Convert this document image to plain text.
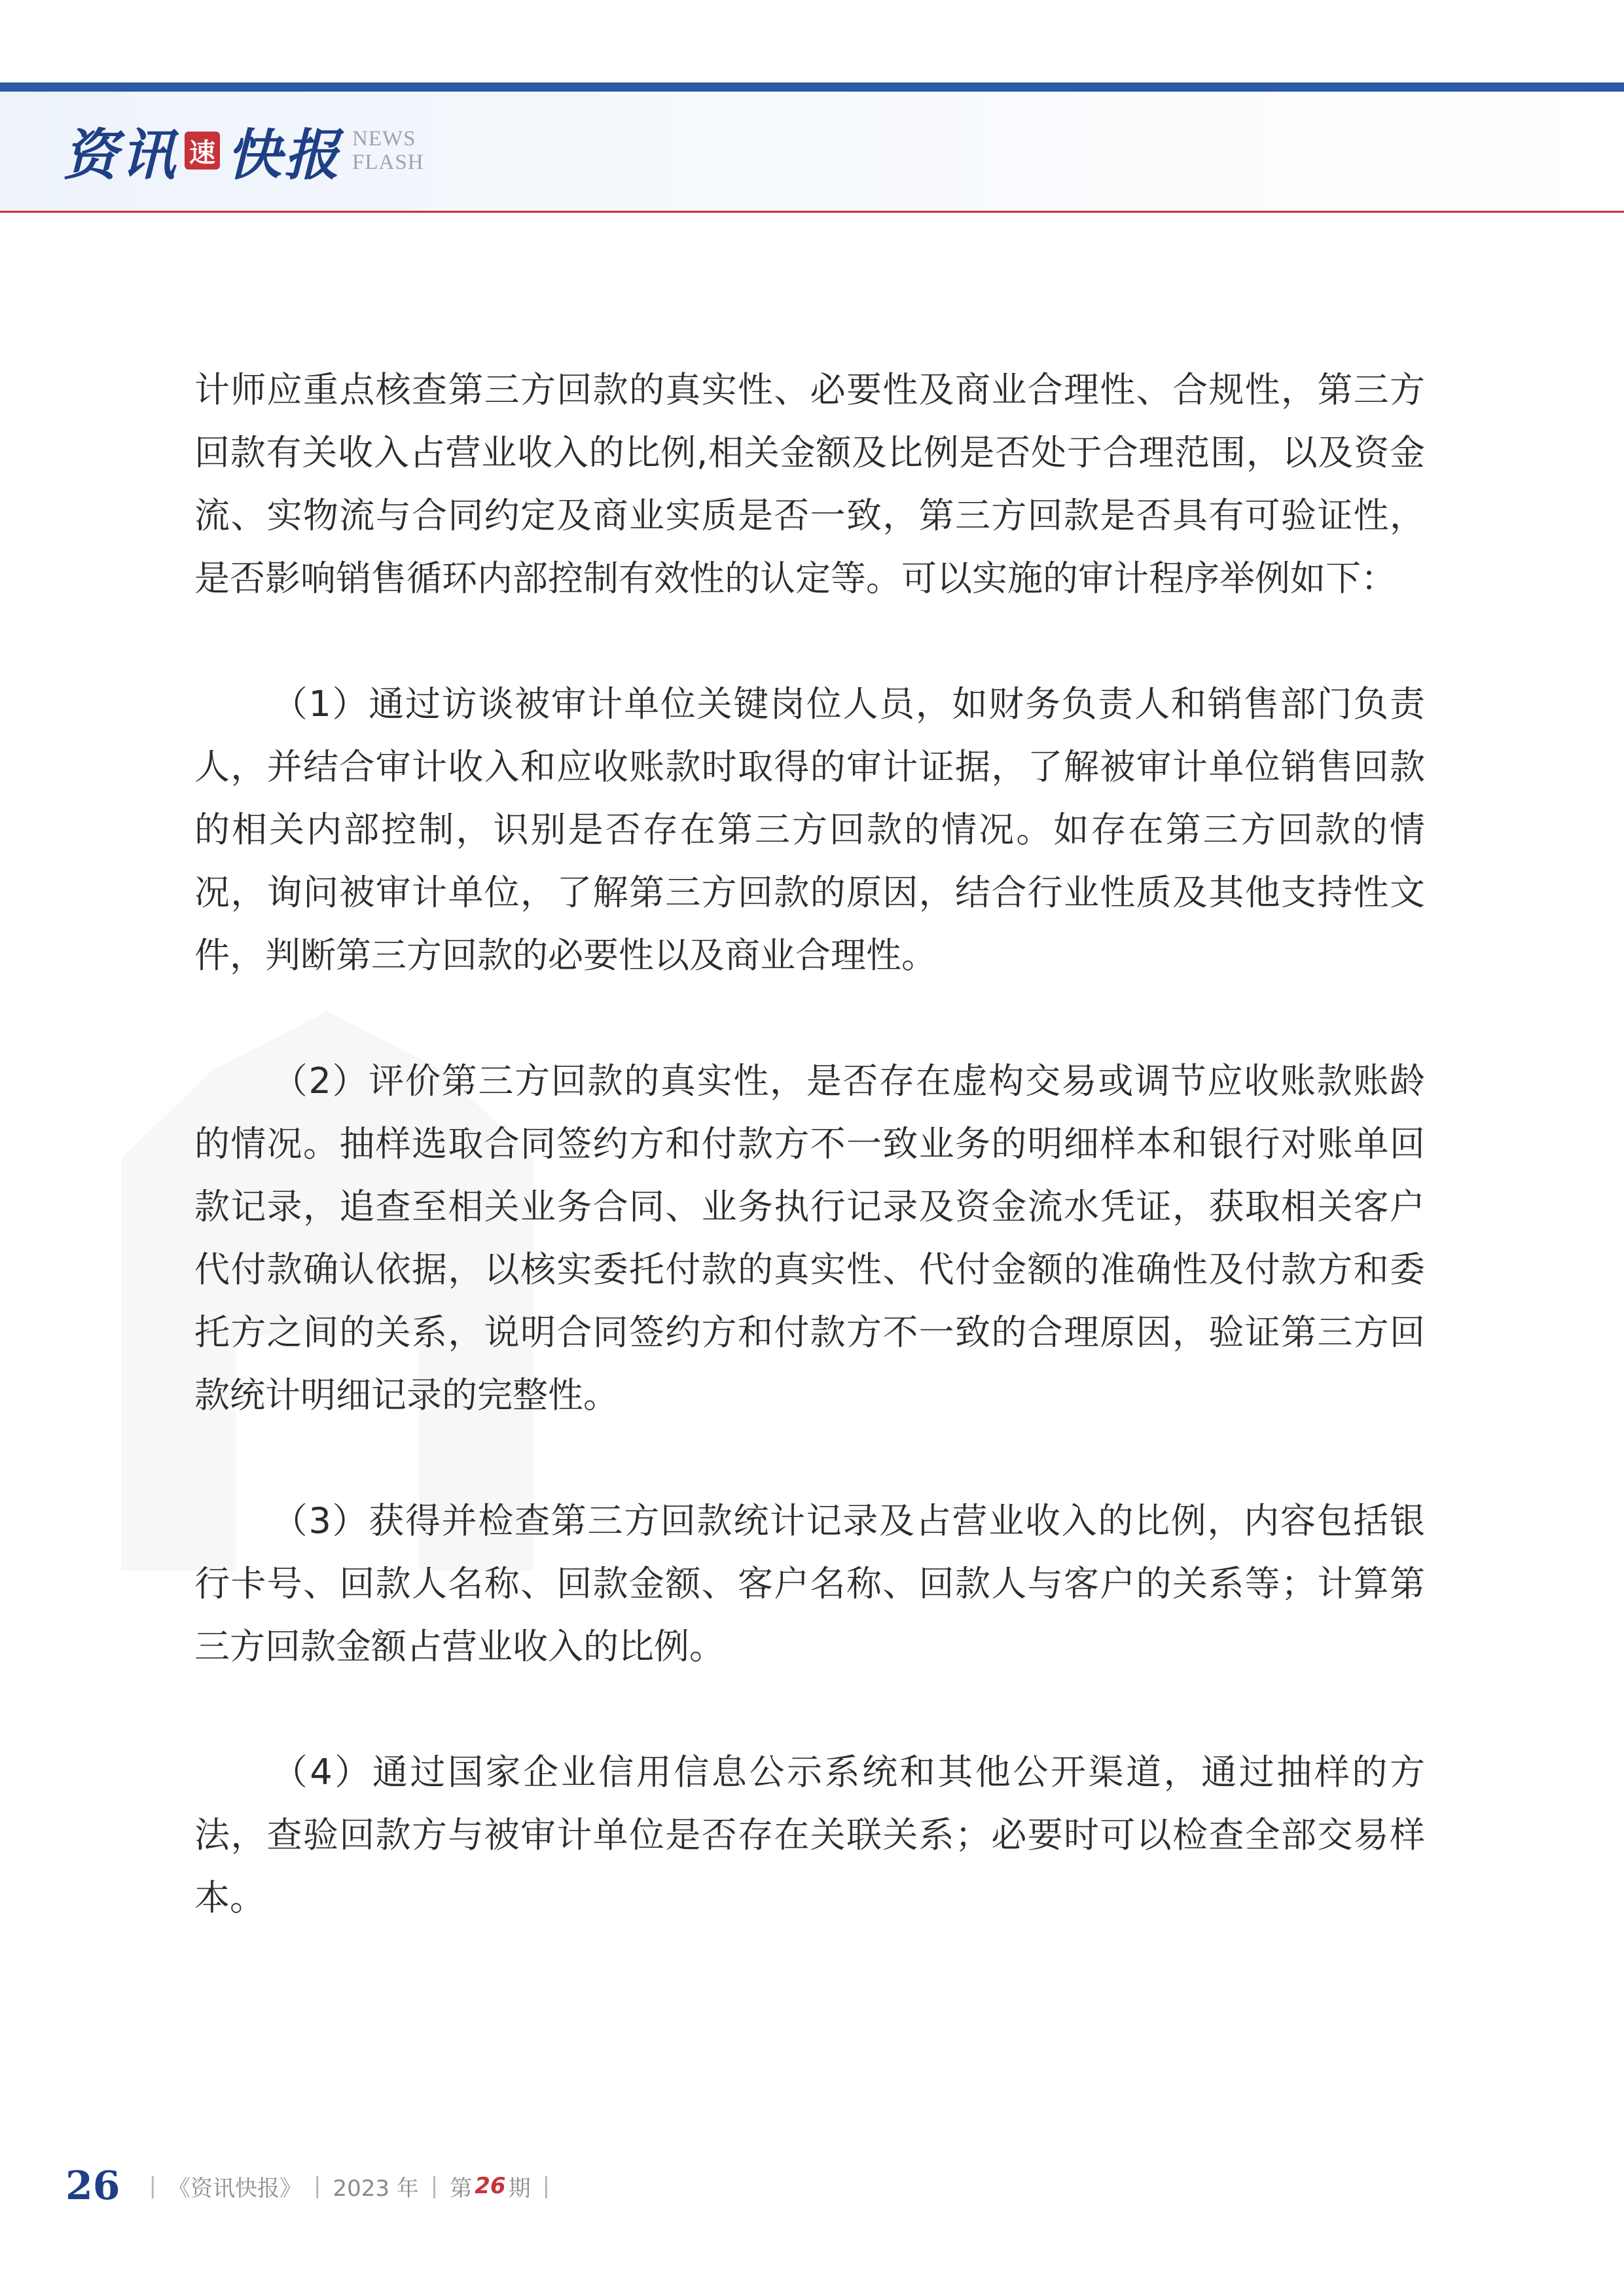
资讯 速 快报 NEWS
FLASH

计师应重点核查第三方回款的真实性、必要性及商业合理性、合规性，第三方回款有关收入占营业收入的比例,相关金额及比例是否处于合理范围，以及资金流、实物流与合同约定及商业实质是否一致，第三方回款是否具有可验证性，是否影响销售循环内部控制有效性的认定等。可以实施的审计程序举例如下：

（1）通过访谈被审计单位关键岗位人员，如财务负责人和销售部门负责人，并结合审计收入和应收账款时取得的审计证据，了解被审计单位销售回款的相关内部控制，识别是否存在第三方回款的情况。如存在第三方回款的情况，询问被审计单位，了解第三方回款的原因，结合行业性质及其他支持性文件，判断第三方回款的必要性以及商业合理性。

（2）评价第三方回款的真实性，是否存在虚构交易或调节应收账款账龄的情况。抽样选取合同签约方和付款方不一致业务的明细样本和银行对账单回款记录，追查至相关业务合同、业务执行记录及资金流水凭证，获取相关客户代付款确认依据，以核实委托付款的真实性、代付金额的准确性及付款方和委托方之间的关系，说明合同签约方和付款方不一致的合理原因，验证第三方回款统计明细记录的完整性。

（3）获得并检查第三方回款统计记录及占营业收入的比例，内容包括银行卡号、回款人名称、回款金额、客户名称、回款人与客户的关系等；计算第三方回款金额占营业收入的比例。

（4）通过国家企业信用信息公示系统和其他公开渠道，通过抽样的方法，查验回款方与被审计单位是否存在关联关系；必要时可以检查全部交易样本。

26 | 《资讯快报》 | 2023 年 | 第 26 期 |
